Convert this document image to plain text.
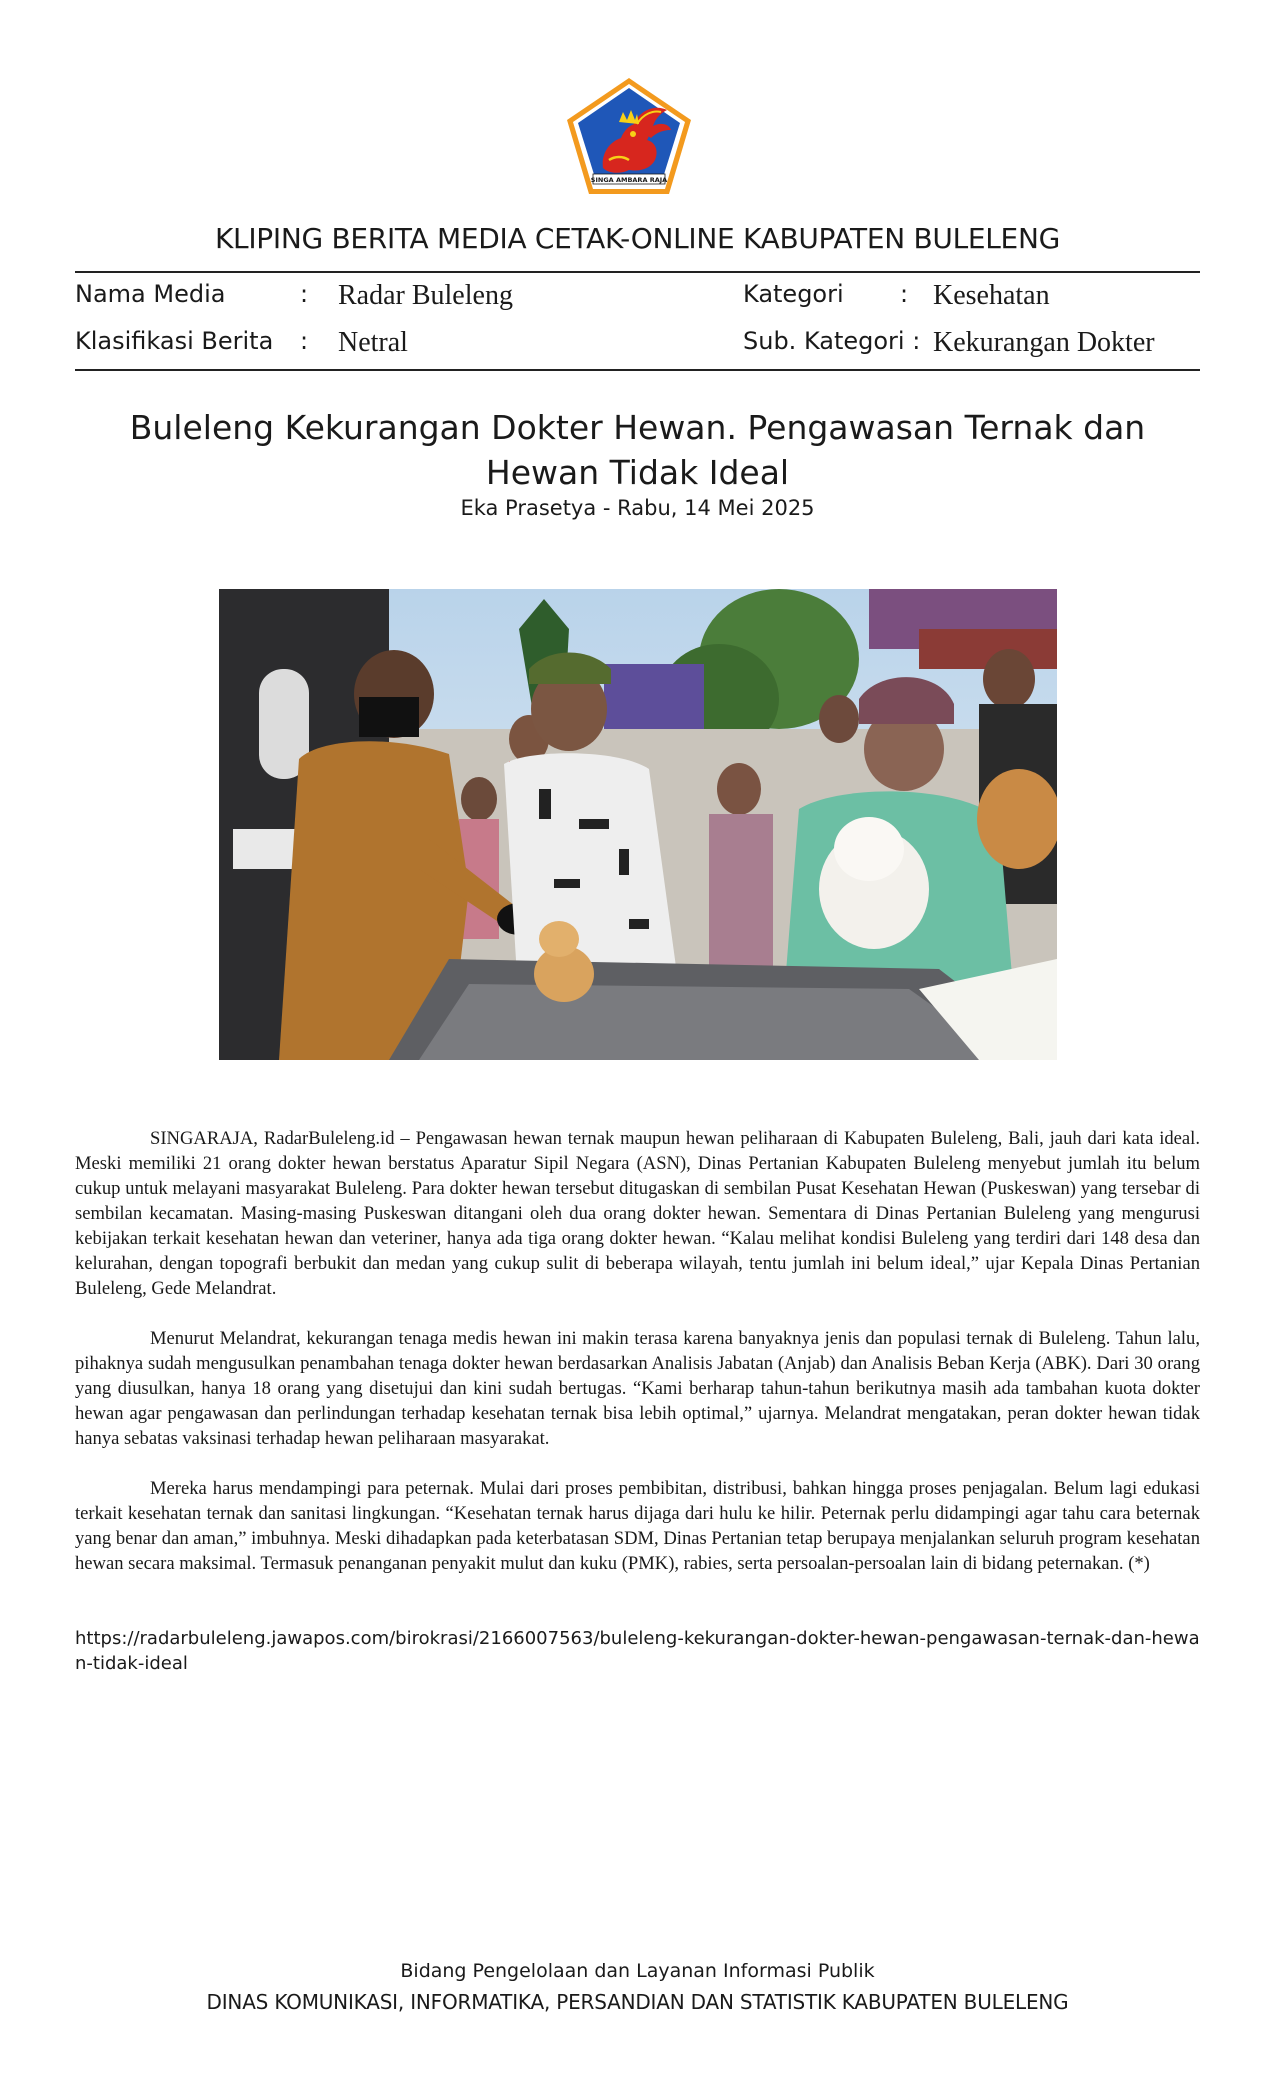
SINGA AMBARA RAJA
KLIPING BERITA MEDIA CETAK-ONLINE KABUPATEN BULELENG
Nama Media	: Radar Buleleng
Klasifikasi Berita : Netral
Kategori : Kesehatan
Sub. Kategori : Kekurangan Dokter
Buleleng Kekurangan Dokter Hewan. Pengawasan Ternak dan Hewan Tidak Ideal
Eka Prasetya - Rabu, 14 Mei 2025

SINGARAJA, RadarBuleleng.id – Pengawasan hewan ternak maupun hewan peliharaan di Kabupaten Buleleng, Bali, jauh dari kata ideal. Meski memiliki 21 orang dokter hewan berstatus Aparatur Sipil Negara (ASN), Dinas Pertanian Kabupaten Buleleng menyebut jumlah itu belum cukup untuk melayani masyarakat Buleleng. Para dokter hewan tersebut ditugaskan di sembilan Pusat Kesehatan Hewan (Puskeswan) yang tersebar di sembilan kecamatan. Masing-masing Puskeswan ditangani oleh dua orang dokter hewan. Sementara di Dinas Pertanian Buleleng yang mengurusi kebijakan terkait kesehatan hewan dan veteriner, hanya ada tiga orang dokter hewan. “Kalau melihat kondisi Buleleng yang terdiri dari 148 desa dan kelurahan, dengan topografi berbukit dan medan yang cukup sulit di beberapa wilayah, tentu jumlah ini belum ideal,” ujar Kepala Dinas Pertanian Buleleng, Gede Melandrat.

Menurut Melandrat, kekurangan tenaga medis hewan ini makin terasa karena banyaknya jenis dan populasi ternak di Buleleng. Tahun lalu, pihaknya sudah mengusulkan penambahan tenaga dokter hewan berdasarkan Analisis Jabatan (Anjab) dan Analisis Beban Kerja (ABK). Dari 30 orang yang diusulkan, hanya 18 orang yang disetujui dan kini sudah bertugas. “Kami berharap tahun-tahun berikutnya masih ada tambahan kuota dokter hewan agar pengawasan dan perlindungan terhadap kesehatan ternak bisa lebih optimal,” ujarnya. Melandrat mengatakan, peran dokter hewan tidak hanya sebatas vaksinasi terhadap hewan peliharaan masyarakat.

Mereka harus mendampingi para peternak. Mulai dari proses pembibitan, distribusi, bahkan hingga proses penjagalan. Belum lagi edukasi terkait kesehatan ternak dan sanitasi lingkungan. “Kesehatan ternak harus dijaga dari hulu ke hilir. Peternak perlu didampingi agar tahu cara beternak yang benar dan aman,” imbuhnya. Meski dihadapkan pada keterbatasan SDM, Dinas Pertanian tetap berupaya menjalankan seluruh program kesehatan hewan secara maksimal. Termasuk penanganan penyakit mulut dan kuku (PMK), rabies, serta persoalan-persoalan lain di bidang peternakan. (*)

https://radarbuleleng.jawapos.com/birokrasi/2166007563/buleleng-kekurangan-dokter-hewan-pengawasan-ternak-dan-hewan-tidak-ideal
Bidang Pengelolaan dan Layanan Informasi Publik
DINAS KOMUNIKASI, INFORMATIKA, PERSANDIAN DAN STATISTIK KABUPATEN BULELENG
